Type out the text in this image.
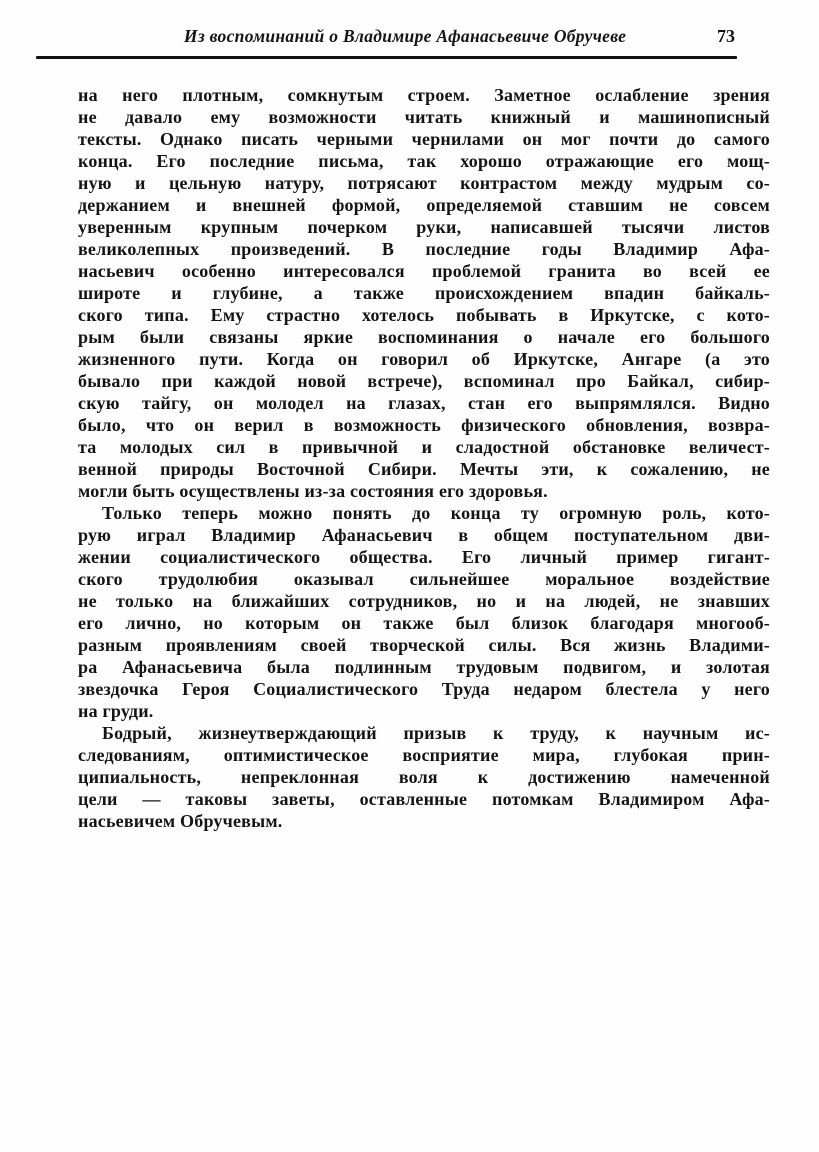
Из воспоминаний о Владимире Афанасьевиче Обручеве	73
на него плотным, сомкнутым строем. Заметное ослабление зрения
не давало ему возможности читать книжный и машинописный
тексты. Однако писать черными чернилами он мог почти до самого
конца. Его последние письма, так хорошо отражающие его мощ-
ную и цельную натуру, потрясают контрастом между мудрым со-
держанием и внешней формой, определяемой ставшим не совсем
уверенным крупным почерком руки, написавшей тысячи листов
великолепных произведений. В последние годы Владимир Афа-
насьевич особенно интересовался проблемой гранита во всей ее
широте и глубине, а также происхождением впадин байкаль-
ского типа. Ему страстно хотелось побывать в Иркутске, с кото-
рым были связаны яркие воспоминания о начале его большого
жизненного пути. Когда он говорил об Иркутске, Ангаре (а это
бывало при каждой новой встрече), вспоминал про Байкал, сибир-
скую тайгу, он молодел на глазах, стан его выпрямлялся. Видно
было, что он верил в возможность физического обновления, возвра-
та молодых сил в привычной и сладостной обстановке величест-
венной природы Восточной Сибири. Мечты эти, к сожалению, не
могли быть осуществлены из-за состояния его здоровья.
Только теперь можно понять до конца ту огромную роль, кото-
рую играл Владимир Афанасьевич в общем поступательном дви-
жении социалистического общества. Его личный пример гигант-
ского трудолюбия оказывал сильнейшее моральное воздействие
не только на ближайших сотрудников, но и на людей, не знавших
его лично, но которым он также был близок благодаря многооб-
разным проявлениям своей творческой силы. Вся жизнь Владими-
ра Афанасьевича была подлинным трудовым подвигом, и золотая
звездочка Героя Социалистического Труда недаром блестела у него
на груди.
Бодрый, жизнеутверждающий призыв к труду, к научным ис-
следованиям, оптимистическое восприятие мира, глубокая прин-
ципиальность, непреклонная воля к достижению намеченной
цели — таковы заветы, оставленные потомкам Владимиром Афа-
насьевичем Обручевым.
